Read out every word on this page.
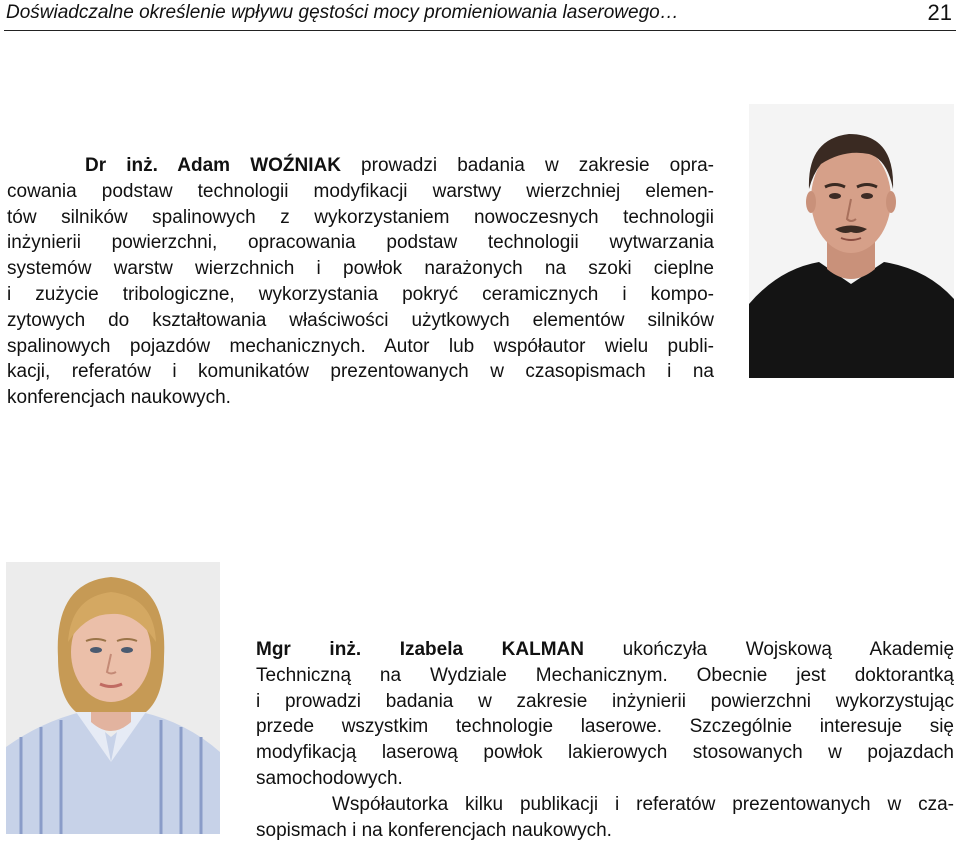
Doświadczalne określenie wpływu gęstości mocy promieniowania laserowego…	21
Dr inż. Adam WOŹNIAK prowadzi badania w zakresie opra-
cowania podstaw technologii modyfikacji warstwy wierzchniej elemen-
tów silników spalinowych z wykorzystaniem nowoczesnych technologii
inżynierii powierzchni, opracowania podstaw technologii wytwarzania
systemów warstw wierzchnich i powłok narażonych na szoki cieplne
i zużycie tribologiczne, wykorzystania pokryć ceramicznych i kompo-
zytowych do kształtowania właściwości użytkowych elementów silników
spalinowych pojazdów mechanicznych. Autor lub współautor wielu publi-
kacji, referatów i komunikatów prezentowanych w czasopismach i na
konferencjach naukowych.
Mgr inż. Izabela KALMAN ukończyła Wojskową Akademię
Techniczną na Wydziale Mechanicznym. Obecnie jest doktorantką
i prowadzi badania w zakresie inżynierii powierzchni wykorzystując
przede wszystkim technologie laserowe. Szczególnie interesuje się
modyfikacją laserową powłok lakierowych stosowanych w pojazdach
samochodowych.
Współautorka kilku publikacji i referatów prezentowanych w cza-
sopismach i na konferencjach naukowych.
